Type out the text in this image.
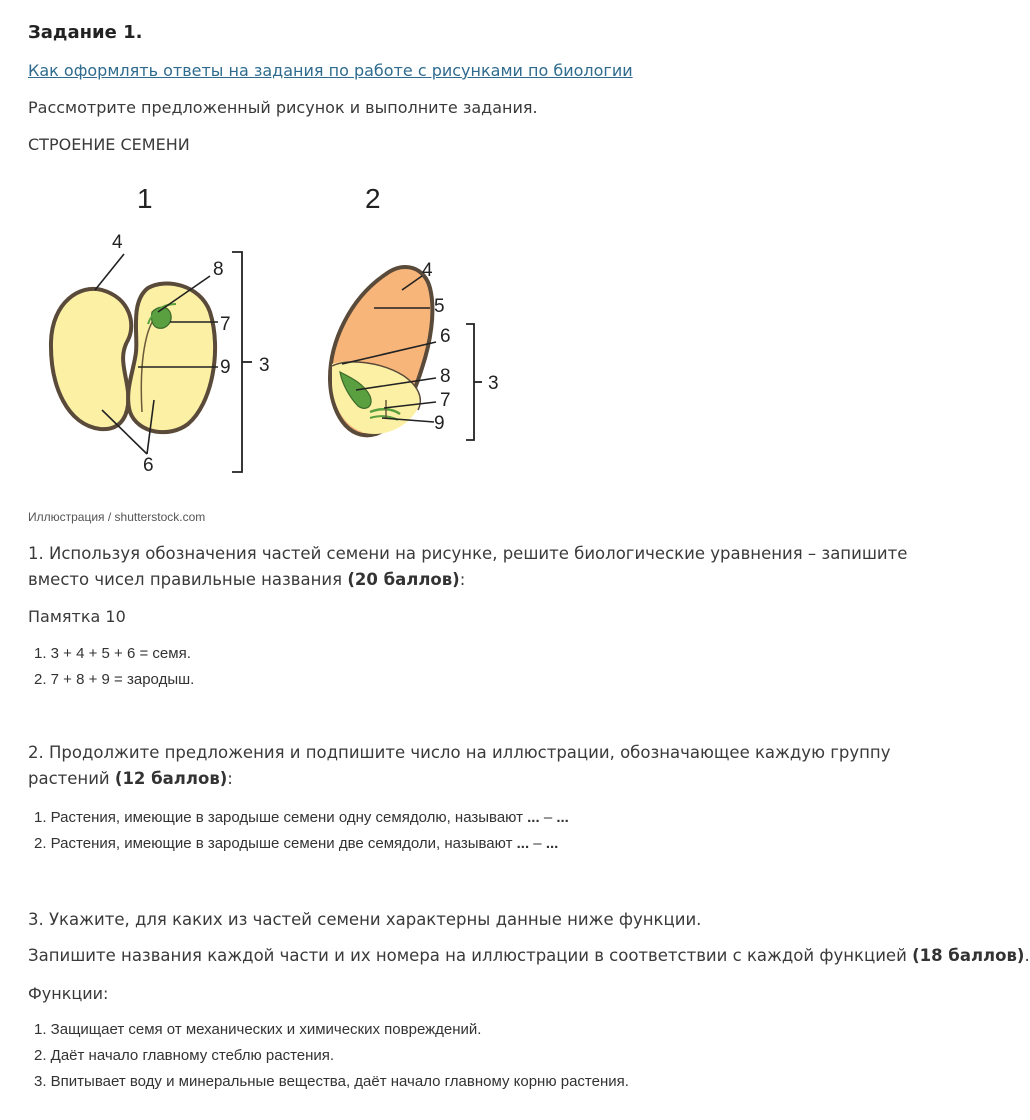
Задание 1.

Как оформлять ответы на задания по работе с рисунками по биологии

Рассмотрите предложенный рисунок и выполните задания.

СТРОЕНИЕ СЕМЕНИ

1
4
8
7
9 3
6
2
4
5
6
8
7
9
3

Иллюстрация / shutterstock.com

1. Используя обозначения частей семени на рисунке, решите биологические уравнения – запишите вместо чисел правильные названия (20 баллов):

Памятка 10

1. 3 + 4 + 5 + 6 = семя.
2. 7 + 8 + 9 = зародыш.

2. Продолжите предложения и подпишите число на иллюстрации, обозначающее каждую группу растений (12 баллов):

1. Растения, имеющие в зародыше семени одну семядолю, называют ... – ...
2. Растения, имеющие в зародыше семени две семядоли, называют ... – ...

3. Укажите, для каких из частей семени характерны данные ниже функции.

Запишите названия каждой части и их номера на иллюстрации в соответствии с каждой функцией (18 баллов).

Функции:

1. Защищает семя от механических и химических повреждений.
2. Даёт начало главному стеблю растения.
3. Впитывает воду и минеральные вещества, даёт начало главному корню растения.
